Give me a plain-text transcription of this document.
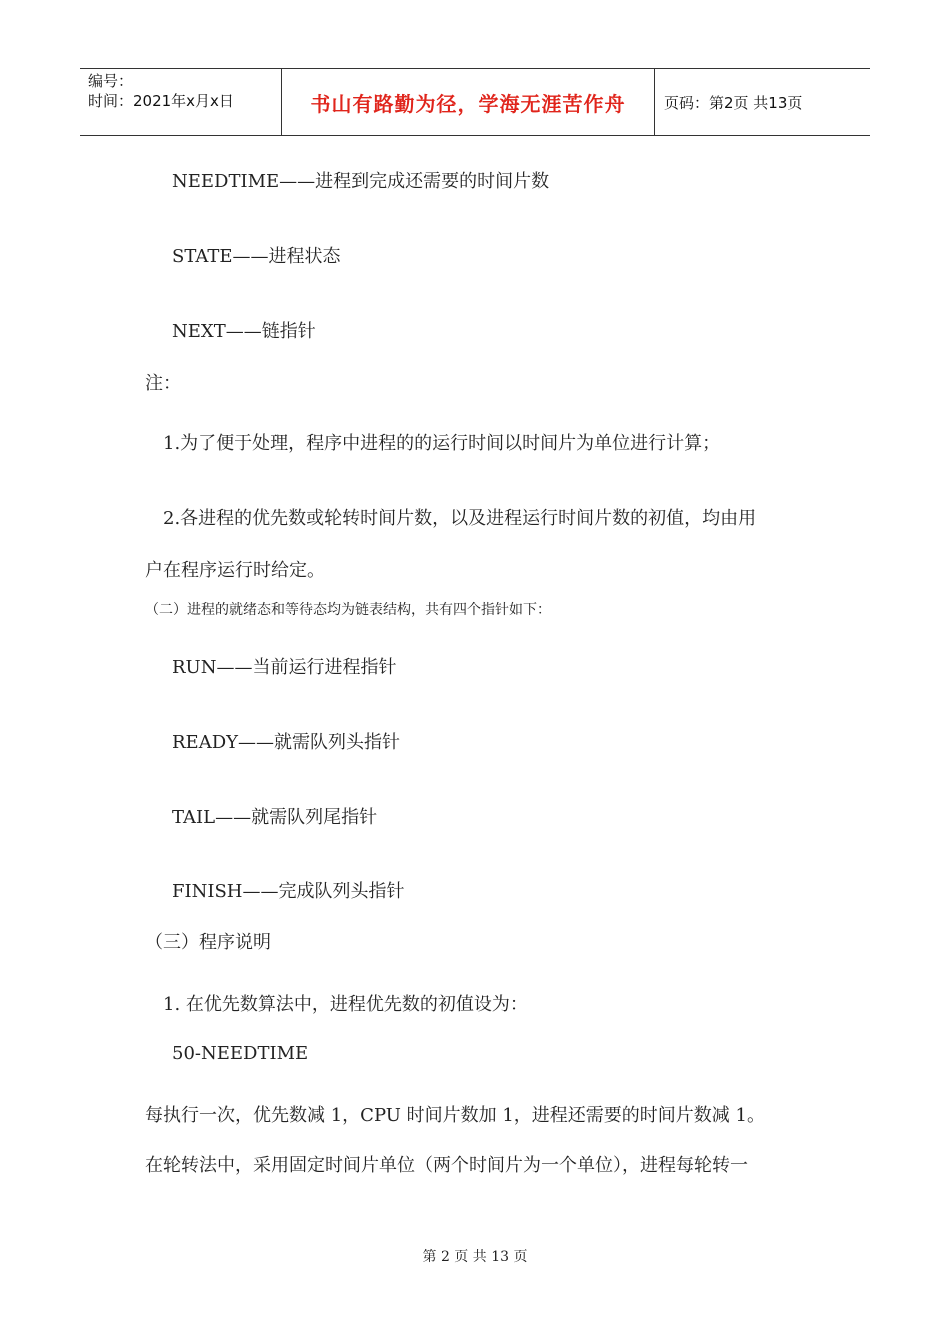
编号：
时间：2021年x月x日	书山有路勤为径，学海无涯苦作舟	页码：第2页 共13页
NEEDTIME——进程到完成还需要的时间片数
STATE——进程状态
NEXT——链指针
注：
1.为了便于处理，程序中进程的的运行时间以时间片为单位进行计算；
2.各进程的优先数或轮转时间片数，以及进程运行时间片数的初值，均由用
户在程序运行时给定。
（二）进程的就绪态和等待态均为链表结构，共有四个指针如下：
RUN——当前运行进程指针
READY——就需队列头指针
TAIL——就需队列尾指针
FINISH——完成队列头指针
（三）程序说明
1. 在优先数算法中，进程优先数的初值设为：
50-NEEDTIME
每执行一次，优先数减 1，CPU 时间片数加 1，进程还需要的时间片数减 1。
在轮转法中，采用固定时间片单位（两个时间片为一个单位），进程每轮转一
第 2 页 共 13 页
